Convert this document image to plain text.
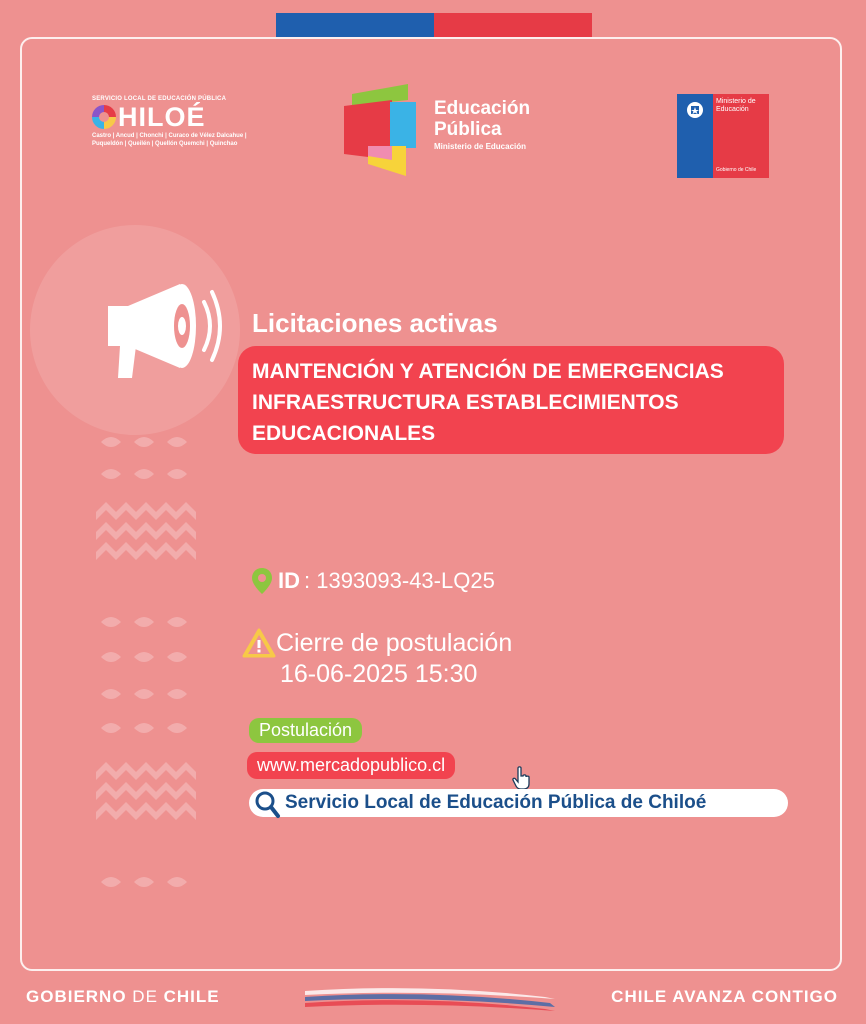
SERVICIO LOCAL DE EDUCACIÓN PÚBLICA
HILOÉ
Castro | Ancud | Chonchi | Curaco de Vélez Dalcahue | Puqueldón | Queilén | Quellón Quemchi | Quinchao
Educación
Pública
Ministerio de Educación
Ministerio de
Educación
Gobierno de Chile
Licitaciones activas
MANTENCIÓN Y ATENCIÓN DE EMERGENCIAS INFRAESTRUCTURA ESTABLECIMIENTOS EDUCACIONALES
ID : 1393093-43-LQ25
Cierre de postulación
16-06-2025 15:30
Postulación
www.mercadopublico.cl
Servicio Local de Educación Pública de Chiloé
GOBIERNO DE CHILE	CHILE AVANZA CONTIGO
